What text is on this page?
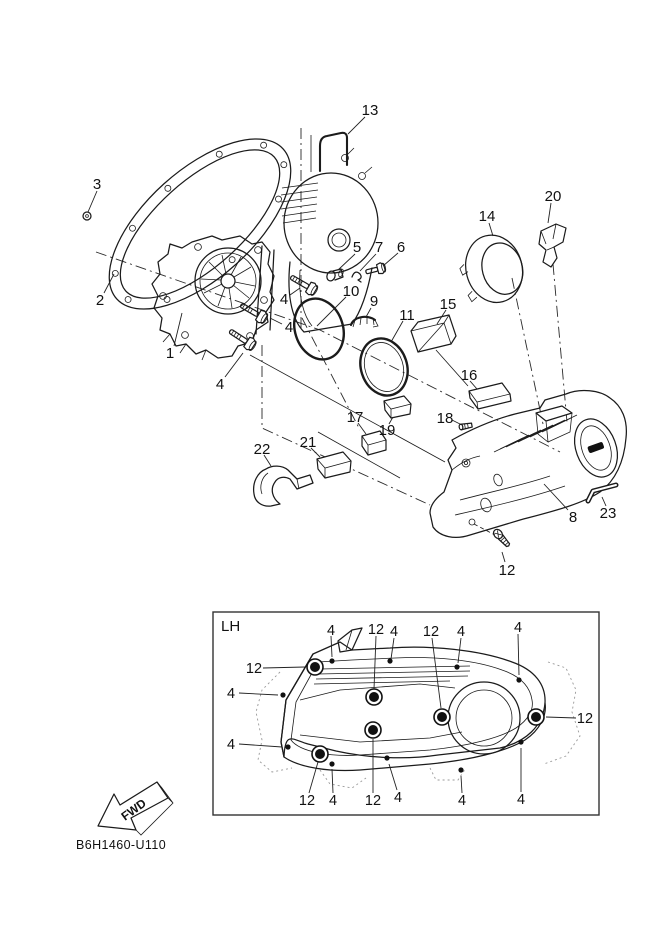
1
2
3
4
4
4
5 6
7
8
9
10
11
12
13
14
15
16
17	18
19
20
21
22
23
LH	4 12 4 12 4	4
12
4
4
12
12 4 12 4	4	4
FWD
B6H1460-U110
